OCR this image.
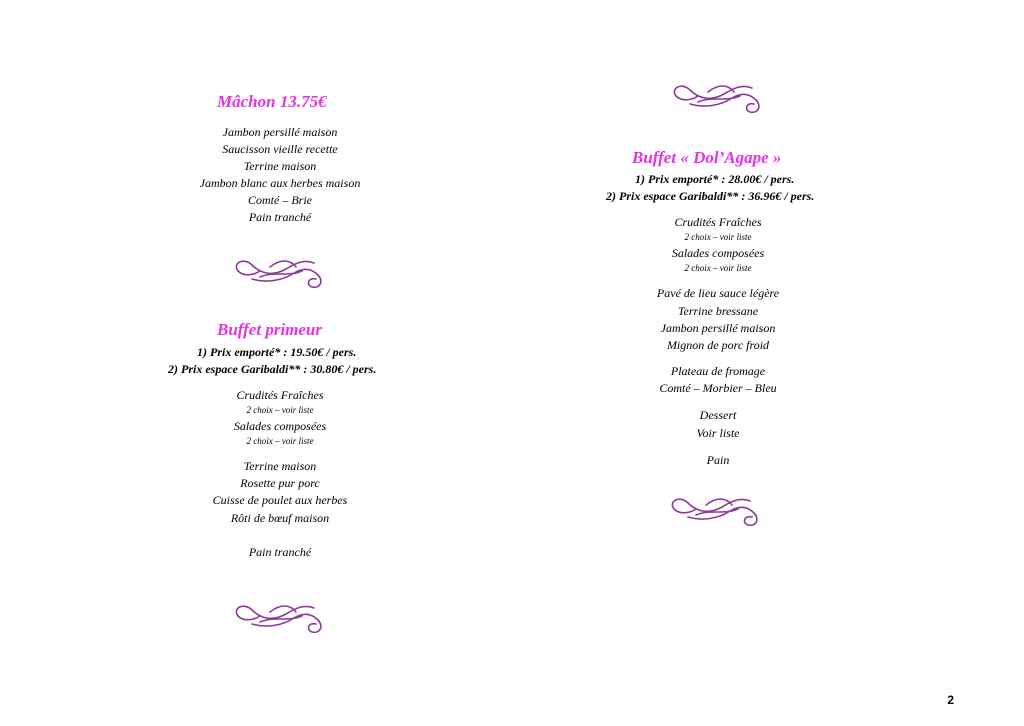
Mâchon 13.75€
Jambon persillé maison
Saucisson vieille recette
Terrine maison
Jambon blanc aux herbes maison
Comté – Brie
Pain tranché
Buffet primeur
1) Prix emporté* : 19.50€ / pers.
2) Prix espace Garibaldi** : 30.80€ / pers.
Crudités Fraîches
2 choix – voir liste
Salades composées
2 choix – voir liste
Terrine maison
Rosette pur porc
Cuisse de poulet aux herbes
Rôti de bœuf maison
Pain tranché
Buffet « Dol’Agape »
1) Prix emporté* : 28.00€ / pers.
2) Prix espace Garibaldi** : 36.96€ / pers.
Crudités Fraîches
2 choix – voir liste
Salades composées
2 choix – voir liste
Pavé de lieu sauce légère
Terrine bressane
Jambon persillé maison
Mignon de porc froid
Plateau de fromage
Comté – Morbier – Bleu
Dessert
Voir liste
Pain
2
